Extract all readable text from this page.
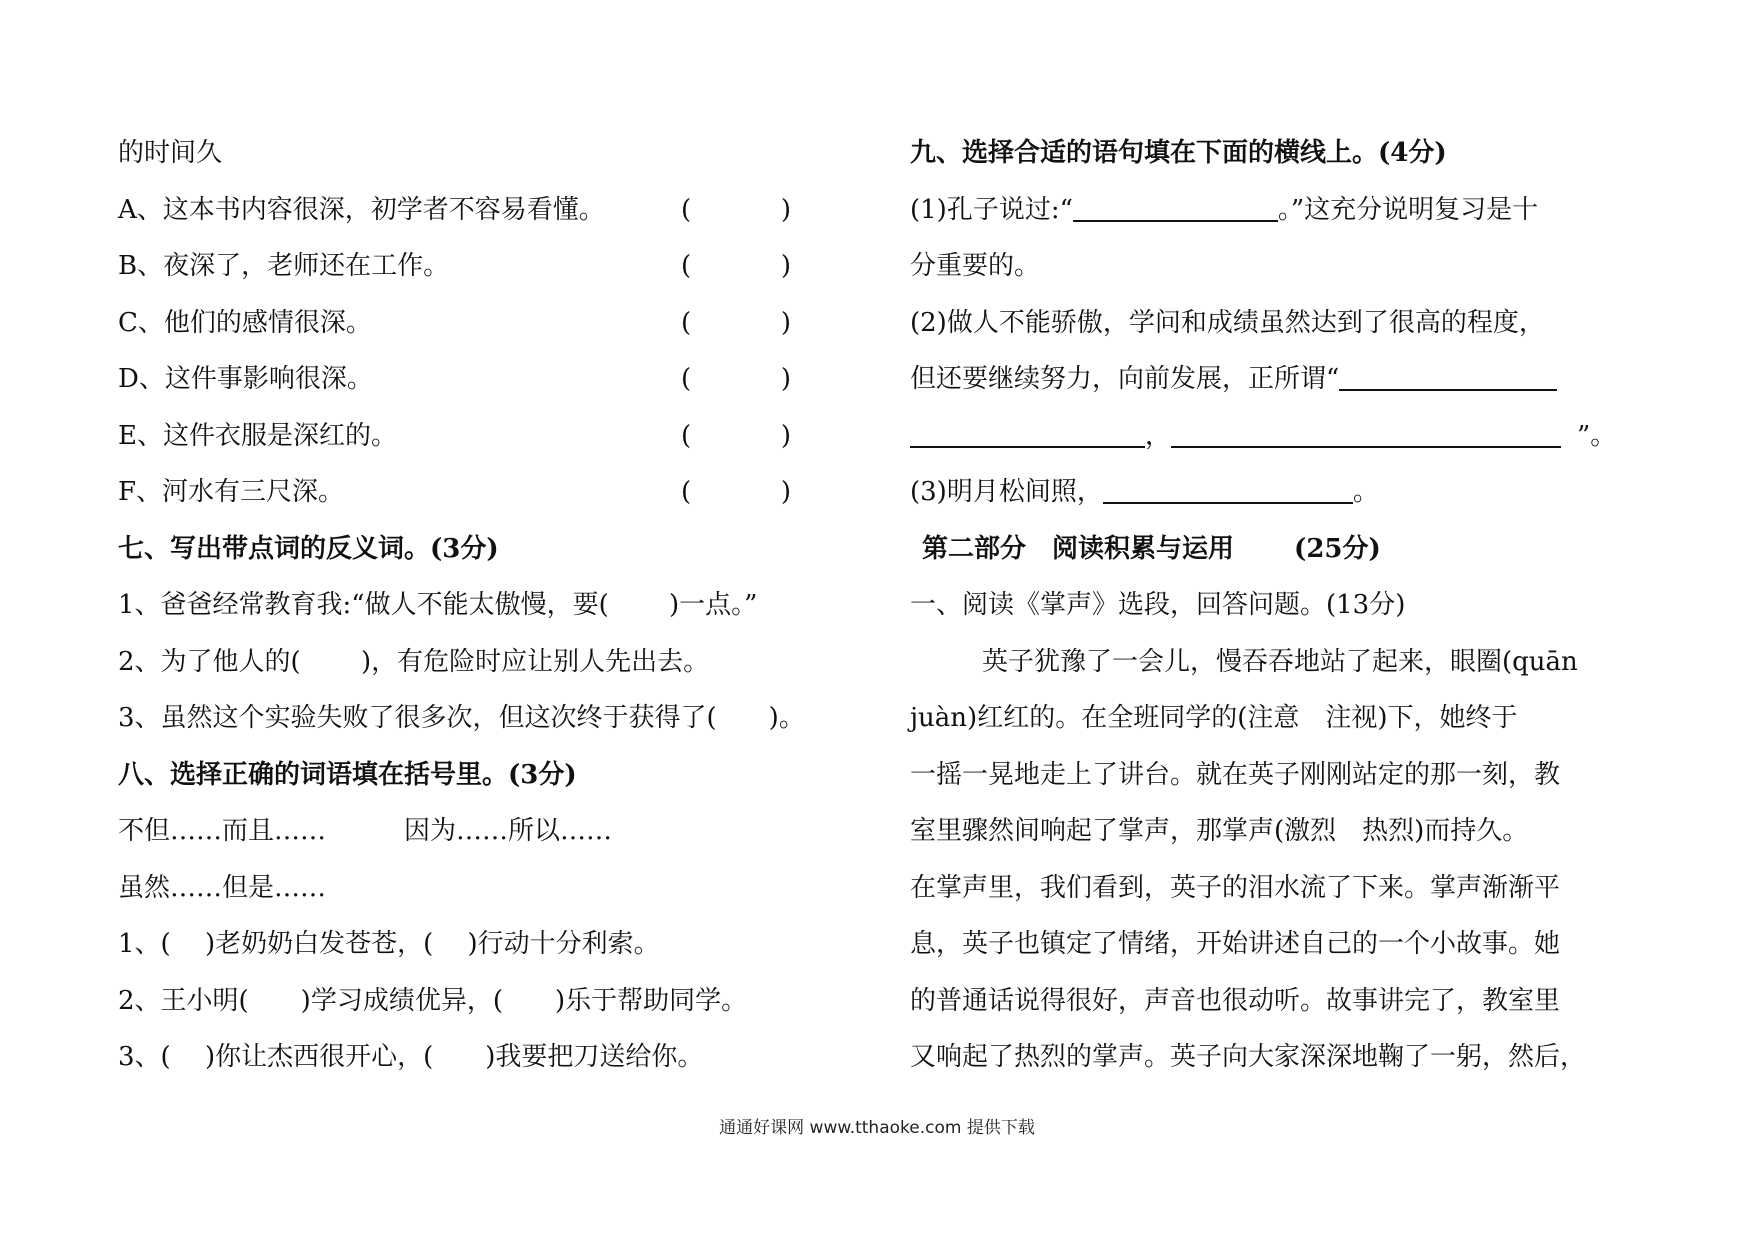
的时间久
A、这本书内容很深，初学者不容易看懂。	(	)
B、夜深了，老师还在工作。	(	)
C、他们的感情很深。	(	)
D、这件事影响很深。	(	)
E、这件衣服是深红的。	(	)
F、河水有三尺深。	(	)
七、写出带点词的反义词。(3分)
1、爸爸经常教育我:“做人不能太傲慢，要(　　 )一点。”
2、为了他人的(　　 )，有危险时应让别人先出去。
3、虽然这个实验失败了很多次，但这次终于获得了(　　)。
八、选择正确的词语填在括号里。(3分)
不但……而且……　　　因为……所以……
虽然……但是……
1、(　 )老奶奶白发苍苍，(　 )行动十分利索。
2、王小明(　　)学习成绩优异，(　　)乐于帮助同学。
3、(　 )你让杰西很开心，(　　)我要把刀送给你。
九、选择合适的语句填在下面的横线上。(4分)
(1)孔子说过:“	。”这充分说明复习是十
分重要的。
(2)做人不能骄傲，学问和成绩虽然达到了很高的程度，
但还要继续努力，向前发展，正所谓“
，	”。
(3)明月松间照，	。
第二部分　阅读积累与运用 (25分)
一、阅读《掌声》选段，回答问题。(13分)
英子犹豫了一会儿，慢吞吞地站了起来，眼圈(quān
juàn)红红的。在全班同学的(注意　注视)下，她终于
一摇一晃地走上了讲台。就在英子刚刚站定的那一刻，教
室里骤然间响起了掌声，那掌声(激烈　热烈)而持久。
在掌声里，我们看到，英子的泪水流了下来。掌声渐渐平
息，英子也镇定了情绪，开始讲述自己的一个小故事。她
的普通话说得很好，声音也很动听。故事讲完了，教室里
又响起了热烈的掌声。英子向大家深深地鞠了一躬，然后，
通通好课网 www.tthaoke.com 提供下载
